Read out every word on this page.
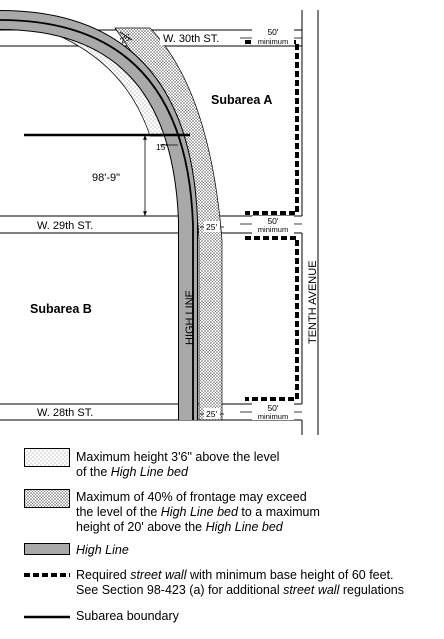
W. 30th ST.
W. 29th ST.
W. 28th ST.
TENTH AVENUE
Subarea A
Subarea B	HIGH LINE
25'
15'
98'-9"
25'
25'
50'
minimum
50'
minimum
50'
minimum
Maximum height 3'6" above the level
of the High Line bed
Maximum of 40% of frontage may exceed
the level of the High Line bed to a maximum
height of 20' above the High Line bed
High Line
Required street wall with minimum base height of 60 feet.
See Section 98-423 (a) for additional street wall regulations
Subarea boundary
